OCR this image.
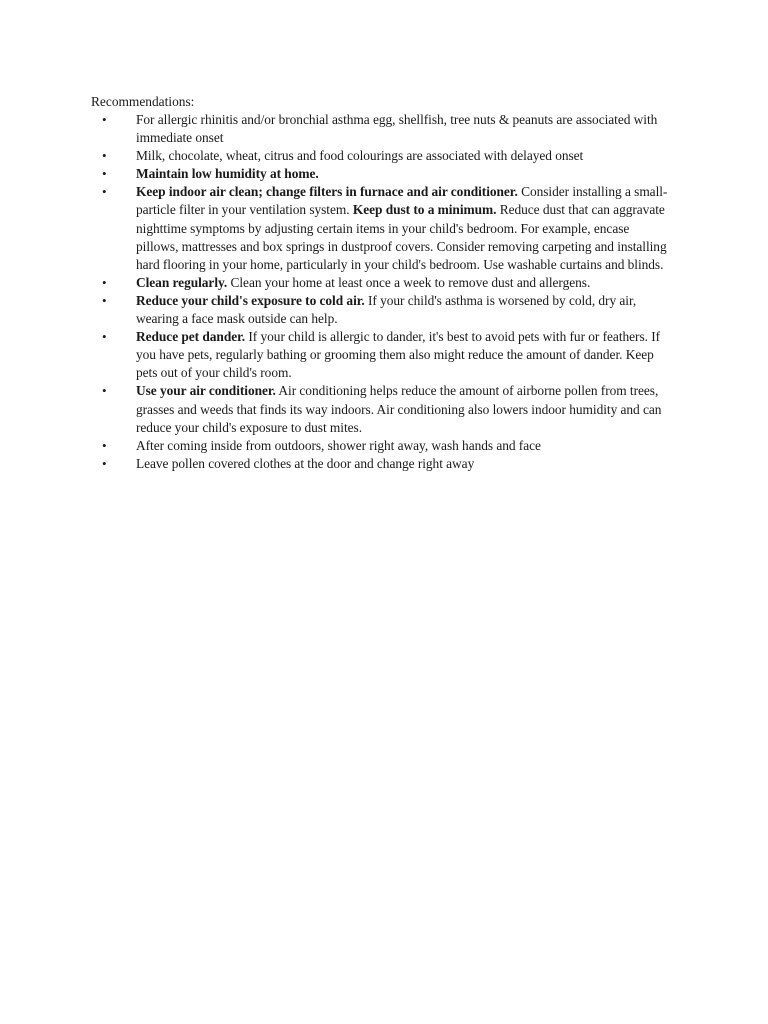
Recommendations:

• For allergic rhinitis and/or bronchial asthma egg, shellfish, tree nuts & peanuts are associated with immediate onset
• Milk, chocolate, wheat, citrus and food colourings are associated with delayed onset
• Maintain low humidity at home.
• Keep indoor air clean; change filters in furnace and air conditioner. Consider installing a small-particle filter in your ventilation system. Keep dust to a minimum. Reduce dust that can aggravate nighttime symptoms by adjusting certain items in your child's bedroom. For example, encase pillows, mattresses and box springs in dustproof covers. Consider removing carpeting and installing hard flooring in your home, particularly in your child's bedroom. Use washable curtains and blinds.
• Clean regularly. Clean your home at least once a week to remove dust and allergens.
• Reduce your child's exposure to cold air. If your child's asthma is worsened by cold, dry air, wearing a face mask outside can help.
• Reduce pet dander. If your child is allergic to dander, it's best to avoid pets with fur or feathers. If you have pets, regularly bathing or grooming them also might reduce the amount of dander. Keep pets out of your child's room.
• Use your air conditioner. Air conditioning helps reduce the amount of airborne pollen from trees, grasses and weeds that finds its way indoors. Air conditioning also lowers indoor humidity and can reduce your child's exposure to dust mites.
• After coming inside from outdoors, shower right away, wash hands and face
• Leave pollen covered clothes at the door and change right away
